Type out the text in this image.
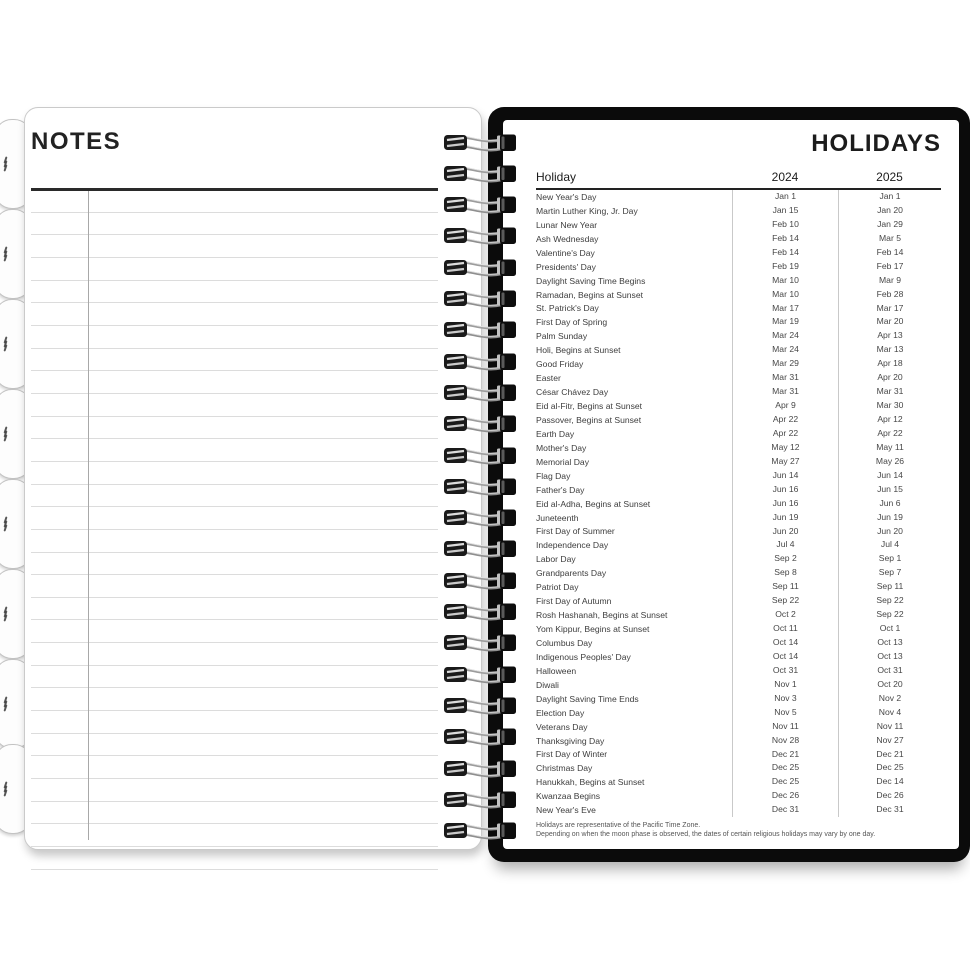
NOTES	HOLIDAYS
Holiday	2024	2025
New Year's Day	Jan 1	Jan 1
Martin Luther King, Jr. Day	Jan 15	Jan 20
Lunar New Year	Feb 10	Jan 29
Ash Wednesday	Feb 14	Mar 5
Valentine's Day	Feb 14	Feb 14
Presidents' Day	Feb 19	Feb 17
Daylight Saving Time Begins	Mar 10	Mar 9
Ramadan, Begins at Sunset	Mar 10	Feb 28
St. Patrick's Day	Mar 17	Mar 17
First Day of Spring	Mar 19	Mar 20
Palm Sunday	Mar 24	Apr 13
Holi, Begins at Sunset	Mar 24	Mar 13
Good Friday	Mar 29	Apr 18
Easter	Mar 31	Apr 20
César Chávez Day	Mar 31	Mar 31
Eid al-Fitr, Begins at Sunset	Apr 9	Mar 30
Passover, Begins at Sunset	Apr 22	Apr 12
Earth Day	Apr 22	Apr 22
Mother's Day	May 12	May 11
Memorial Day	May 27	May 26
Flag Day	Jun 14	Jun 14
Father's Day	Jun 16	Jun 15
Eid al-Adha, Begins at Sunset	Jun 16	Jun 6
Juneteenth	Jun 19	Jun 19
First Day of Summer	Jun 20	Jun 20
Independence Day	Jul 4	Jul 4
Labor Day	Sep 2	Sep 1
Grandparents Day	Sep 8	Sep 7
Patriot Day	Sep 11	Sep 11
First Day of Autumn	Sep 22	Sep 22
Rosh Hashanah, Begins at Sunset	Oct 2	Sep 22
Yom Kippur, Begins at Sunset	Oct 11	Oct 1
Columbus Day	Oct 14	Oct 13
Indigenous Peoples' Day	Oct 14	Oct 13
Halloween	Oct 31	Oct 31
Diwali	Nov 1	Oct 20
Daylight Saving Time Ends	Nov 3	Nov 2
Election Day	Nov 5	Nov 4
Veterans Day	Nov 11	Nov 11
Thanksgiving Day	Nov 28	Nov 27
First Day of Winter	Dec 21	Dec 21
Christmas Day	Dec 25	Dec 25
Hanukkah, Begins at Sunset	Dec 25	Dec 14
Kwanzaa Begins	Dec 26	Dec 26
New Year's Eve	Dec 31	Dec 31
Holidays are representative of the Pacific Time Zone.
Depending on when the moon phase is observed, the dates of certain religious holidays may vary by one day.
